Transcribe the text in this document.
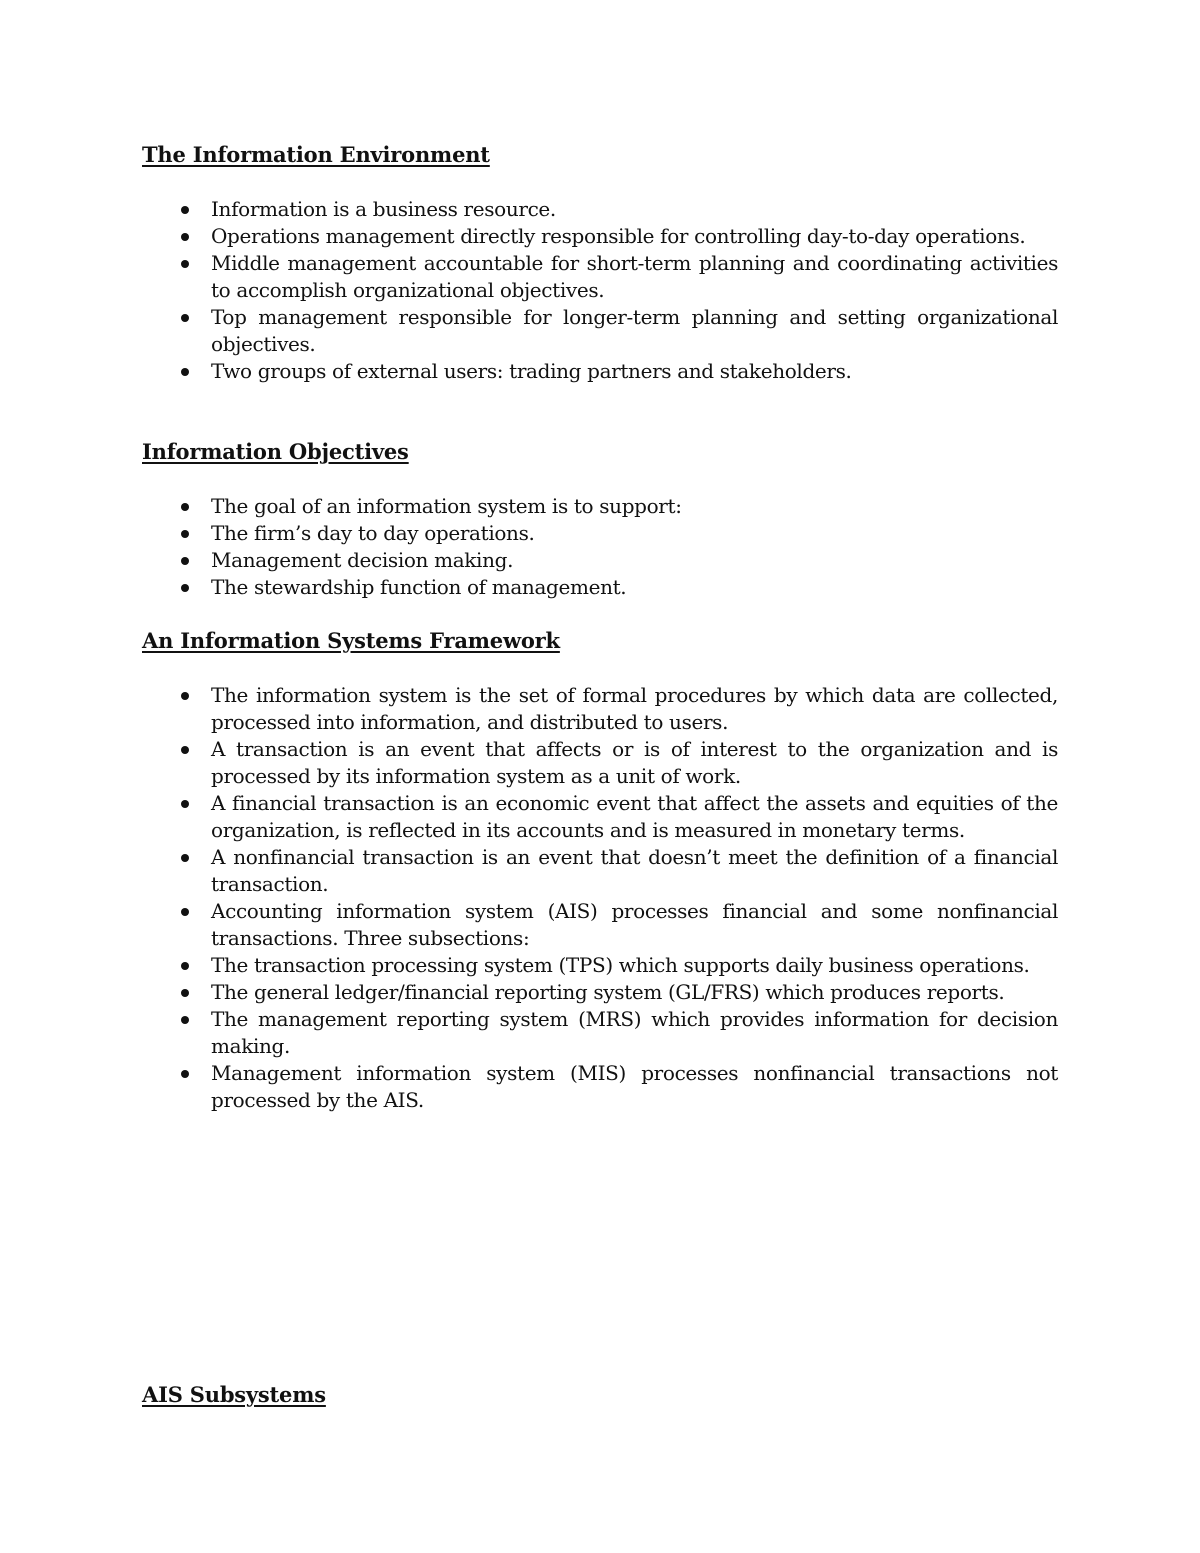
The Information Environment
Information is a business resource.
Operations management directly responsible for controlling day-to-day operations.
Middle management accountable for short-term planning and coordinating activities to accomplish organizational objectives.
Top management responsible for longer-term planning and setting organizational objectives.
Two groups of external users: trading partners and stakeholders.
Information Objectives
The goal of an information system is to support:
The firm’s day to day operations.
Management decision making.
The stewardship function of management.
An Information Systems Framework
The information system is the set of formal procedures by which data are collected, processed into information, and distributed to users.
A transaction is an event that affects or is of interest to the organization and is processed by its information system as a unit of work.
A financial transaction is an economic event that affect the assets and equities of the organization, is reflected in its accounts and is measured in monetary terms.
A nonfinancial transaction is an event that doesn’t meet the definition of a financial transaction.
Accounting information system (AIS) processes financial and some nonfinancial transactions. Three subsections:
The transaction processing system (TPS) which supports daily business operations.
The general ledger/financial reporting system (GL/FRS) which produces reports.
The management reporting system (MRS) which provides information for decision making.
Management information system (MIS) processes nonfinancial transactions not processed by the AIS.
AIS Subsystems
